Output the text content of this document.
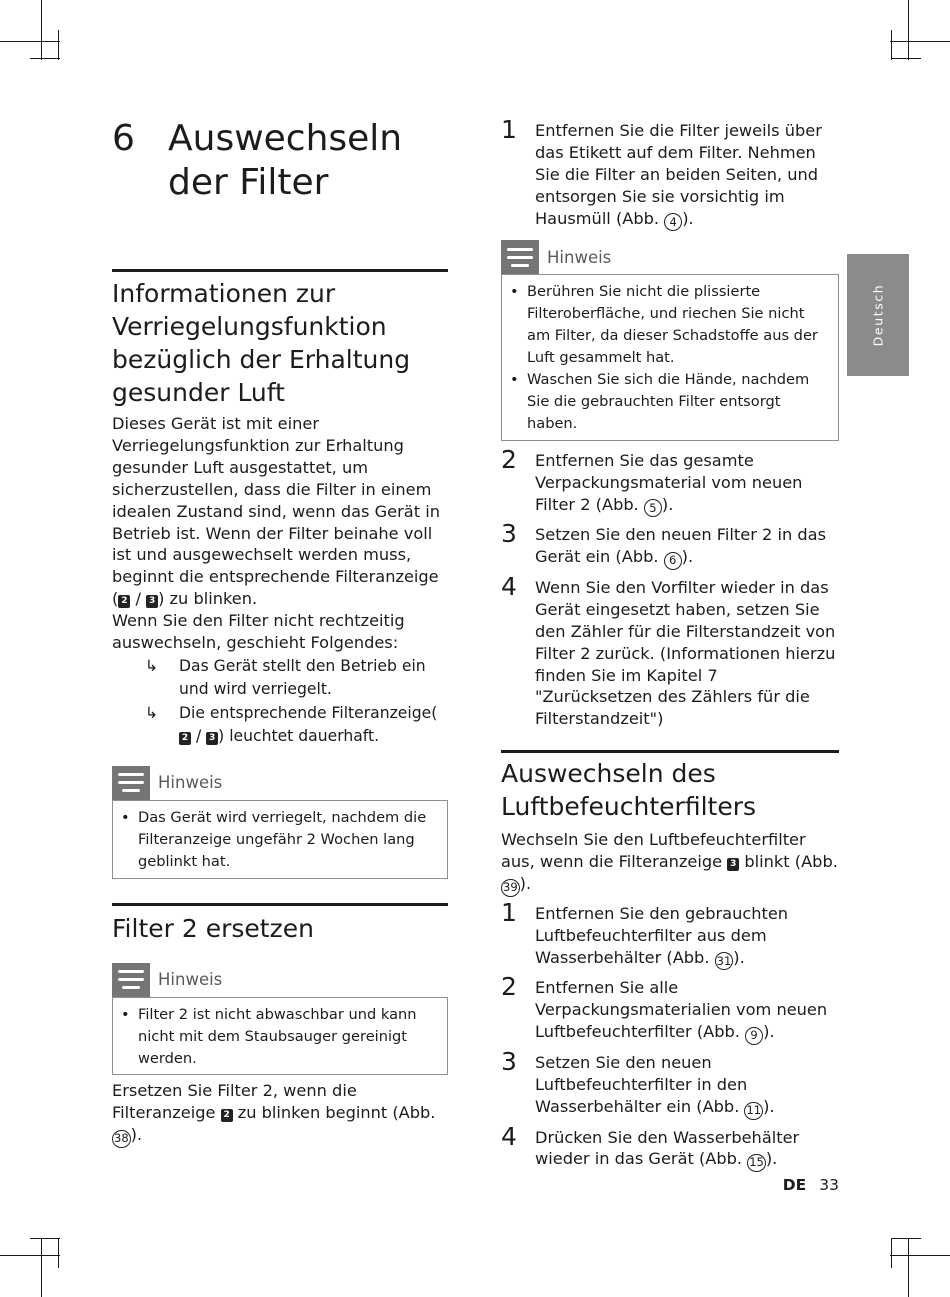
6 Auswechseln
der Filter
Informationen zur Verriegelungsfunktion bezüglich der Erhaltung gesunder Luft
Dieses Gerät ist mit einer Verriegelungsfunktion zur Erhaltung gesunder Luft ausgestattet, um sicherzustellen, dass die Filter in einem idealen Zustand sind, wenn das Gerät in Betrieb ist. Wenn der Filter beinahe voll ist und ausgewechselt werden muss, beginnt die entsprechende Filteranzeige ( 2 / 3 ) zu blinken.
Wenn Sie den Filter nicht rechtzeitig auswechseln, geschieht Folgendes:
↳	Das Gerät stellt den Betrieb ein und wird verriegelt.
↳	Die entsprechende Filteranzeige(2 / 3 ) leuchtet dauerhaft.
Hinweis
• Das Gerät wird verriegelt, nachdem die Filteranzeige ungefähr 2 Wochen lang geblinkt hat.
Filter 2 ersetzen
Hinweis
• Filter 2 ist nicht abwaschbar und kann nicht mit dem Staubsauger gereinigt werden.
Ersetzen Sie Filter 2, wenn die Filteranzeige 2 zu blinken beginnt (Abb. 38 ).
1	Entfernen Sie die Filter jeweils über das Etikett auf dem Filter. Nehmen Sie die Filter an beiden Seiten, und entsorgen Sie sie vorsichtig im Hausmüll (Abb. 4 ).
Hinweis
• Berühren Sie nicht die plissierte Filteroberfläche, und riechen Sie nicht am Filter, da dieser Schadstoffe aus der Luft gesammelt hat.
• Waschen Sie sich die Hände, nachdem Sie die gebrauchten Filter entsorgt haben.
2	Entfernen Sie das gesamte Verpackungsmaterial vom neuen Filter 2 (Abb. 5 ).
3	Setzen Sie den neuen Filter 2 in das Gerät ein (Abb. 6 ).
4	Wenn Sie den Vorfilter wieder in das Gerät eingesetzt haben, setzen Sie den Zähler für die Filterstandzeit von Filter 2 zurück. (Informationen hierzu finden Sie im Kapitel 7 "Zurücksetzen des Zählers für die Filterstandzeit")
Auswechseln des Luftbefeuchterfilters
Wechseln Sie den Luftbefeuchterfilter aus, wenn die Filteranzeige 3 blinkt (Abb. 39 ).
1	Entfernen Sie den gebrauchten Luftbefeuchterfilter aus dem Wasserbehälter (Abb. 31 ).
2	Entfernen Sie alle Verpackungsmaterialien vom neuen Luftbefeuchterfilter (Abb. 9 ).
3	Setzen Sie den neuen Luftbefeuchterfilter in den Wasserbehälter ein (Abb. 11 ).
4	Drücken Sie den Wasserbehälter wieder in das Gerät (Abb. 15 ).
Deutsch
DE 33
